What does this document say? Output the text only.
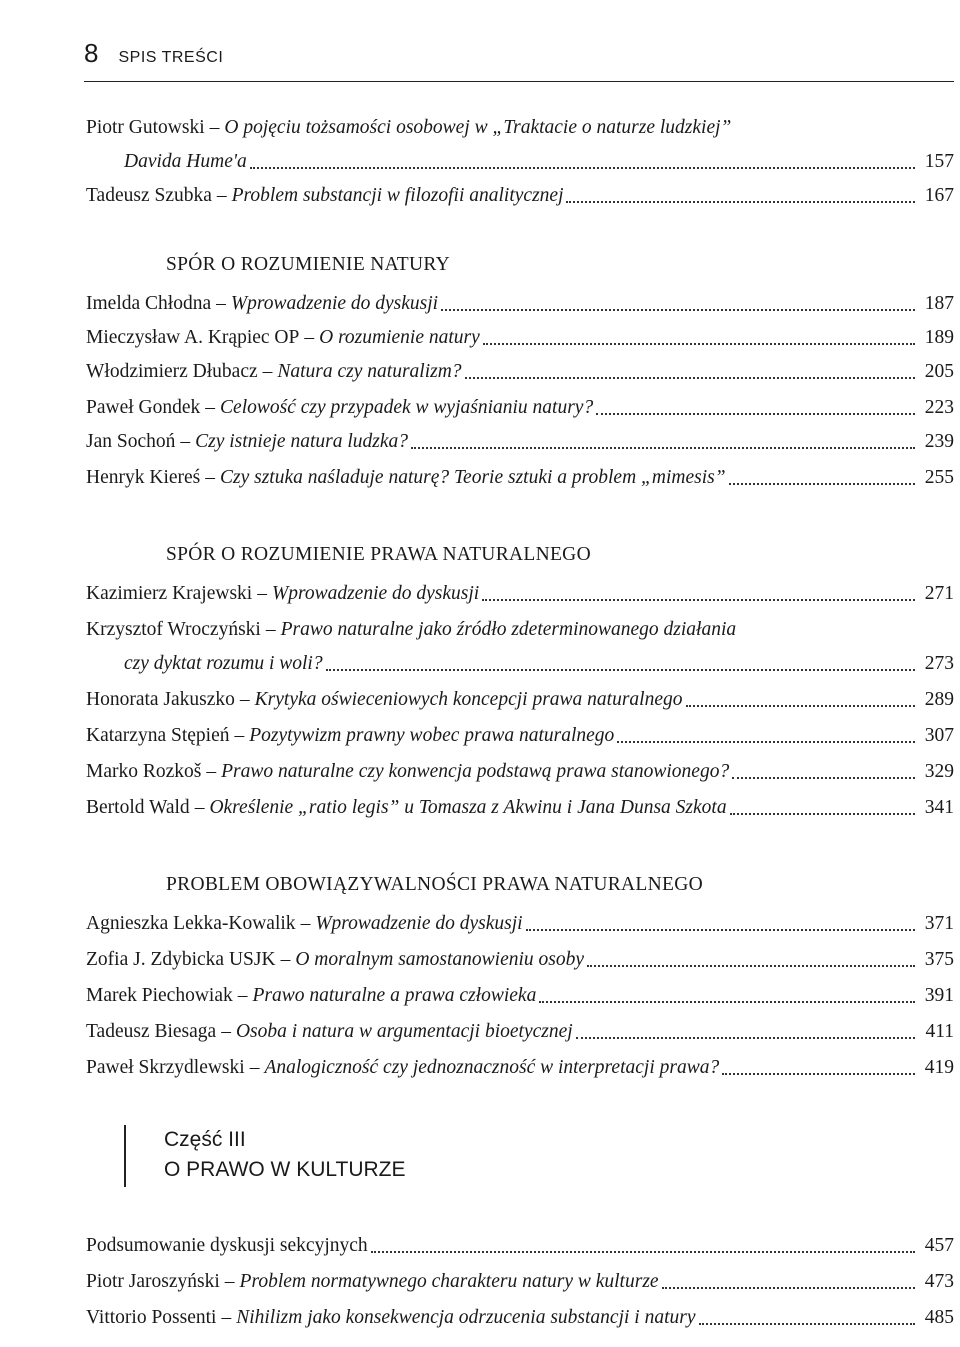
8 SPIS TREŚCI
Piotr Gutowski – O pojęciu tożsamości osobowej w „Traktacie o naturze ludzkiej”
Davida Hume'a	157
Tadeusz Szubka – Problem substancji w filozofii analitycznej	167
SPÓR O ROZUMIENIE NATURY
Imelda Chłodna – Wprowadzenie do dyskusji	187
Mieczysław A. Krąpiec OP – O rozumienie natury	189
Włodzimierz Dłubacz – Natura czy naturalizm?	205
Paweł Gondek – Celowość czy przypadek w wyjaśnianiu natury?	223
Jan Sochoń – Czy istnieje natura ludzka?	239
Henryk Kiereś – Czy sztuka naśladuje naturę? Teorie sztuki a problem „mimesis”	255
SPÓR O ROZUMIENIE PRAWA NATURALNEGO
Kazimierz Krajewski – Wprowadzenie do dyskusji	271
Krzysztof Wroczyński – Prawo naturalne jako źródło zdeterminowanego działania
czy dyktat rozumu i woli?	273
Honorata Jakuszko – Krytyka oświeceniowych koncepcji prawa naturalnego	289
Katarzyna Stępień – Pozytywizm prawny wobec prawa naturalnego	307
Marko Rozkoš – Prawo naturalne czy konwencja podstawą prawa stanowionego?	329
Bertold Wald – Określenie „ratio legis” u Tomasza z Akwinu i Jana Dunsa Szkota	341
PROBLEM OBOWIĄZYWALNOŚCI PRAWA NATURALNEGO
Agnieszka Lekka-Kowalik – Wprowadzenie do dyskusji	371
Zofia J. Zdybicka USJK – O moralnym samostanowieniu osoby	375
Marek Piechowiak – Prawo naturalne a prawa człowieka	391
Tadeusz Biesaga – Osoba i natura w argumentacji bioetycznej	411
Paweł Skrzydlewski – Analogiczność czy jednoznaczność w interpretacji prawa?	419
Podsumowanie dyskusji sekcyjnych	457
Piotr Jaroszyński – Problem normatywnego charakteru natury w kulturze	473
Vittorio Possenti – Nihilizm jako konsekwencja odrzucenia substancji i natury	485
Część III
O PRAWO W KULTURZE
